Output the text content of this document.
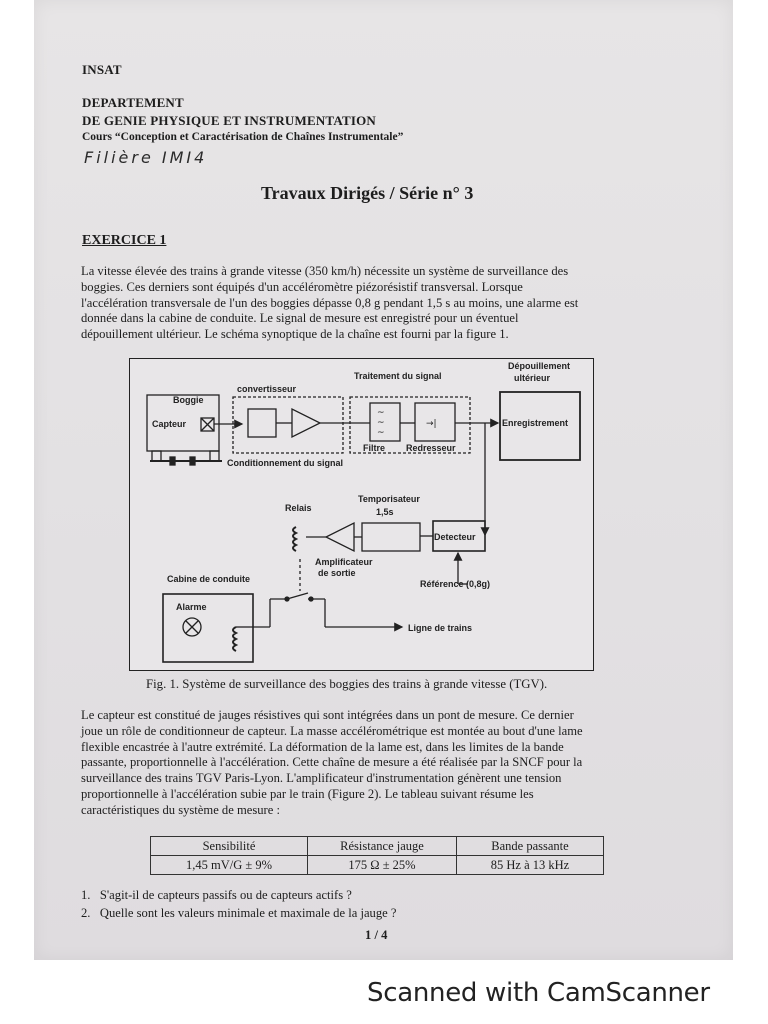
INSAT
DEPARTEMENT
DE GENIE PHYSIQUE ET INSTRUMENTATION
Cours “Conception et Caractérisation de Chaînes Instrumentale”
Filière IMI4
Travaux Dirigés / Série n° 3
EXERCICE 1
La vitesse élevée des trains à grande vitesse (350 km/h) nécessite un système de surveillance des
boggies. Ces derniers sont équipés d'un accéléromètre piézorésistif transversal. Lorsque
l'accélération transversale de l'un des boggies dépasse 0,8 g pendant 1,5 s au moins, une alarme est
donnée dans la cabine de conduite. Le signal de mesure est enregistré pour un éventuel
dépouillement ultérieur. Le schéma synoptique de la chaîne est fourni par la figure 1.
~
~
~
→|
convertisseur
Traitement du signal
Dépouillement
ultérieur
Boggie
Capteur	Enregistrement
Filtre Redresseur
Conditionnement du signal
Temporisateur
1,5s
Relais
Detecteur
Amplificateur
de sortie
Cabine de conduite	Référence (0,8g)
Alarme
Ligne de trains
Fig. 1. Système de surveillance des boggies des trains à grande vitesse (TGV).
Le capteur est constitué de jauges résistives qui sont intégrées dans un pont de mesure. Ce dernier
joue un rôle de conditionneur de capteur. La masse accélérométrique est montée au bout d'une lame
flexible encastrée à l'autre extrémité. La déformation de la lame est, dans les limites de la bande
passante, proportionnelle à l'accélération. Cette chaîne de mesure a été réalisée par la SNCF pour la
surveillance des trains TGV Paris-Lyon. L'amplificateur d'instrumentation génèrent une tension
proportionnelle à l'accélération subie par le train (Figure 2). Le tableau suivant résume les
caractéristiques du système de mesure :
Sensibilité	Résistance jauge	Bande passante
1,45 mV/G ± 9%	175 Ω ± 25%	85 Hz à 13 kHz
1. S'agit-il de capteurs passifs ou de capteurs actifs ?
2. Quelle sont les valeurs minimale et maximale de la jauge ?
1 / 4
Scanned with CamScanner
